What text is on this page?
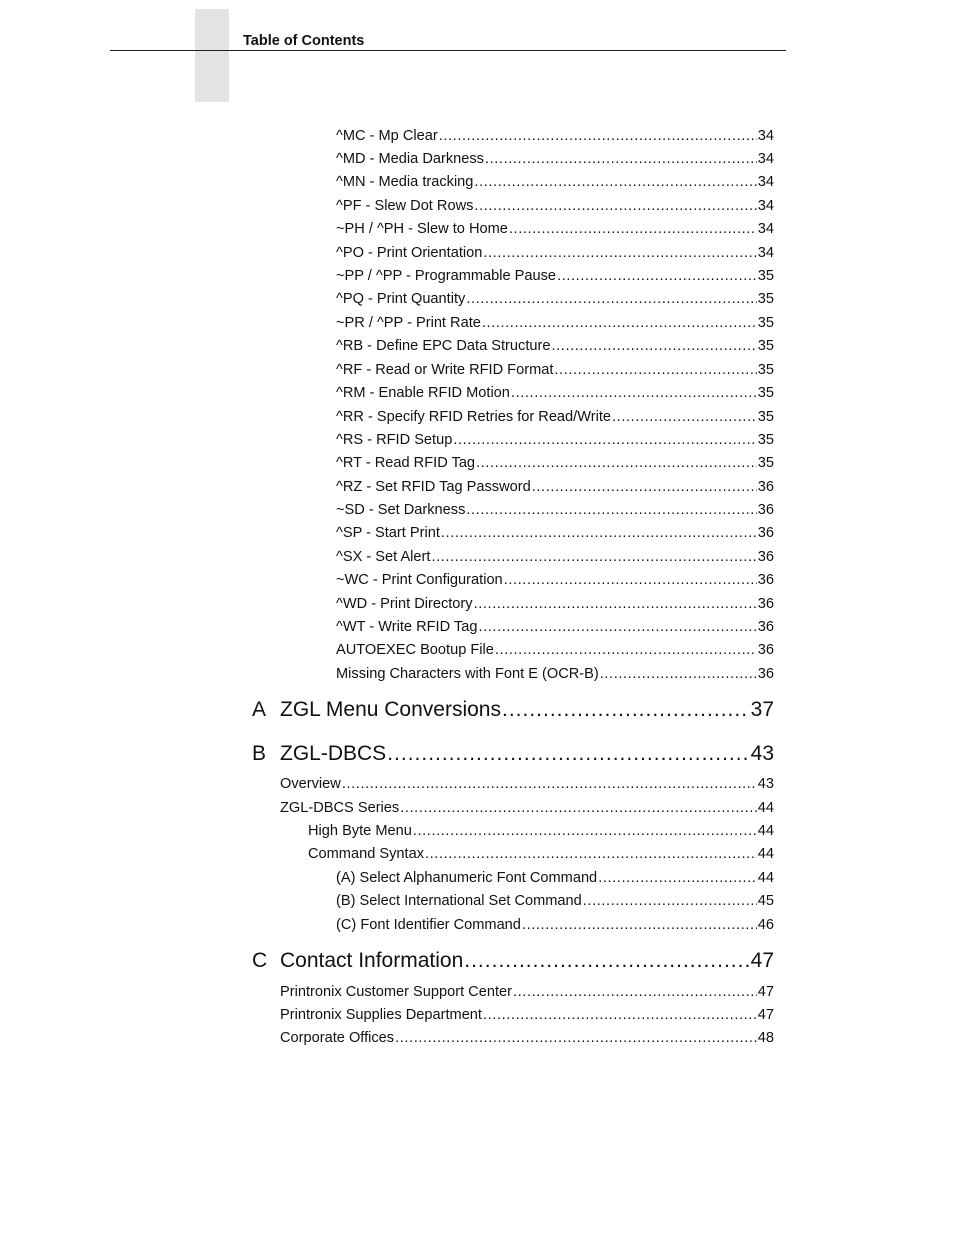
Table of Contents
^MC - Mp Clear .....	34
^MD - Media Darkness .....	34
^MN - Media tracking .....	34
^PF - Slew Dot Rows .....	34
~PH / ^PH - Slew to Home .....	34
^PO - Print Orientation .....	34
~PP / ^PP - Programmable Pause .....	35
^PQ - Print Quantity .....	35
~PR / ^PP - Print Rate .....	35
^RB - Define EPC Data Structure .....	35
^RF - Read or Write RFID Format .....	35
^RM - Enable RFID Motion .....	35
^RR - Specify RFID Retries for Read/Write .....	35
^RS - RFID Setup .....	35
^RT - Read RFID Tag .....	35
^RZ - Set RFID Tag Password .....	36
~SD - Set Darkness .....	36
^SP - Start Print .....	36
^SX - Set Alert .....	36
~WC - Print Configuration .....	36
^WD - Print Directory .....	36
^WT - Write RFID Tag .....	36
AUTOEXEC Bootup File .....	36
Missing Characters with Font E (OCR-B) .....	36
A ZGL Menu Conversions .....	37
B ZGL-DBCS .....	43
Overview .....	43
ZGL-DBCS Series .....	44
High Byte Menu .....	44
Command Syntax .....	44
(A) Select Alphanumeric Font Command .....	44
(B) Select International Set Command .....	45
(C) Font Identifier Command .....	46
C Contact Information .....	47
Printronix Customer Support Center .....	47
Printronix Supplies Department .....	47
Corporate Offices .....	48
